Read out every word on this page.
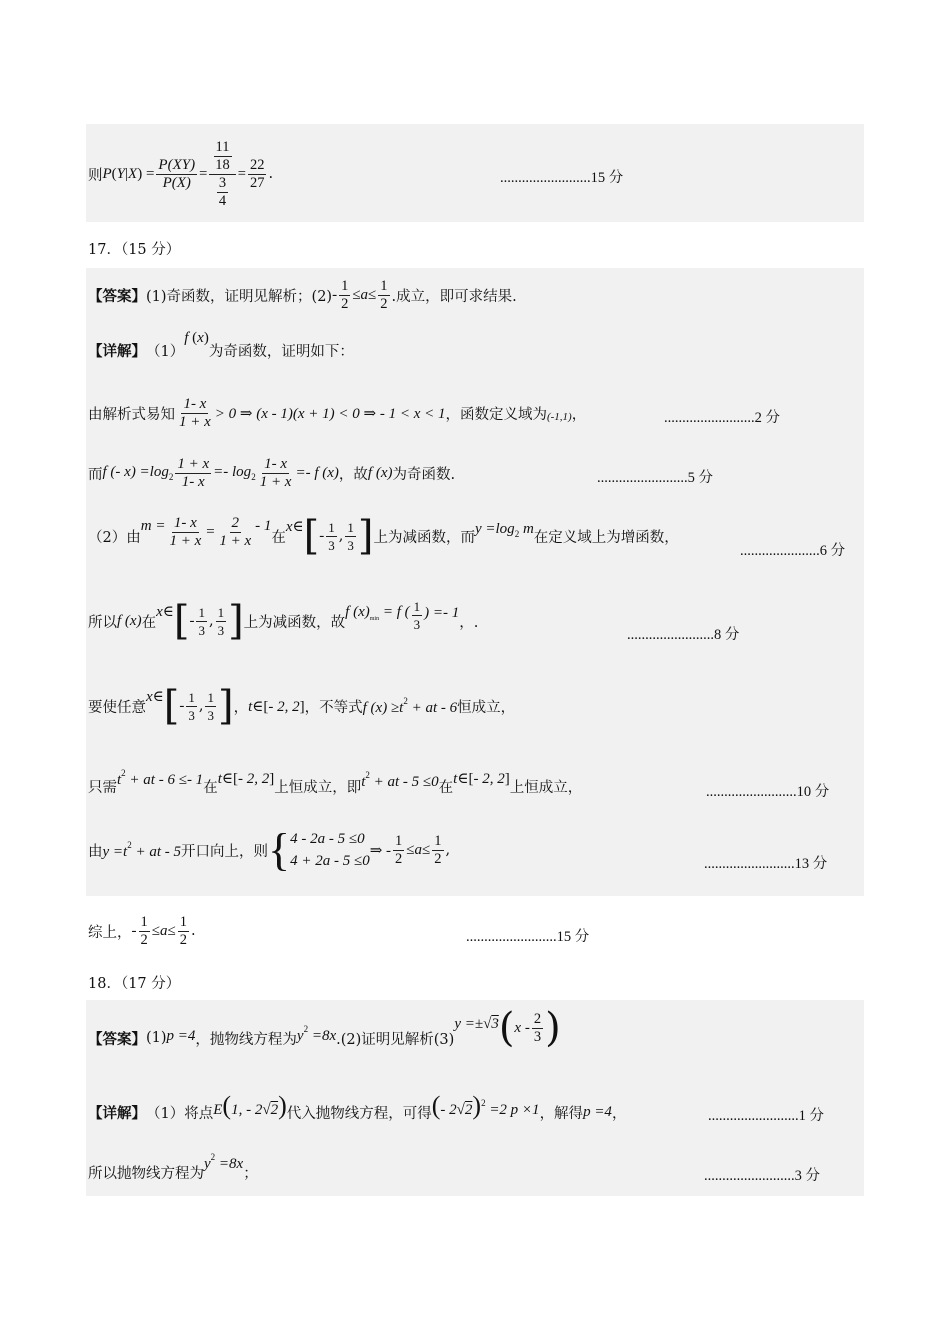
则 $P(Y|X) = \frac{P(XY)}{P(X)} = \frac{\frac{11}{18}}{\frac{3}{4}} = \frac{22}{27}$ .	.........................15 分
17．（15 分）
【答案】 (1)奇函数，证明见解析；$(2) - \frac{1}{2} \le a\le \frac{1}{2}$ .成立，即可求结果.
【详解】 （1）
f (x)
为奇函数，证明如下：
由解析式易知 $\frac{1- x}{1 + x} > 0$ ⇒ (x - 1)(x + 1) < 0 ⇒ - 1 < x < 1 ，函数定义域为 (-1,1) ，	.........................2 分
而 f (- $x) =\log_2 \frac{1 + x}{1- x} =- \log_2 \frac{1- x}{1 + x} =- f$ (x) ，故 f (x) 为奇函数.	.........................5 分
（2）由
$m = \frac{1- x}{1 + x} = \frac{2}{1 + x} - 1$
在
x∈ [ - $\frac{1}{3}$ , $\frac{1}{3}$ ] 上为减函数，而
$y =\log_2$ m
在定义域上为增函数，
......................6 分
所以 f (x) 在
x∈ [ - $\frac{1}{3}$ , $\frac{1}{3}$ ] 上为减函数，故
f $(x)_{min} = f$ ( $\frac{1}{3}$ ) =- 1
，.
........................8 分
要使任意
x∈ [ - $\frac{1}{3}$ , $\frac{1}{3}$ ] ， t∈[- 2, 2] ，不等式 f $(x) \ge t^2$ + at - 6 恒成立，
只需 $t^2$ + at - 6 ≤- 1 在
t∈[- 2, 2]
上恒成立，即 $t^2$ + at - 5 ≤0 在
t∈[- 2, 2]
上恒成立，	.........................10 分
由 $y =t^2$ + at - 5 开口向上，则 { 4 - 2a - 5 ≤0
4 + 2a - 5 ≤0
⇒ - $\frac{1}{2} \le a\le \frac{1}{2}$ ,
.........................13 分
综上， - $\frac{1}{2} \le a\le \frac{1}{2}$ .	.........................15 分
18．（17 分）
【答案】 (1) p =4 ，抛物线方程为 $y^2 =8x$ .(2)证明见解析(3)
y =±√3 ( x - $\frac{2}{3}$ )
【详解】 （1）将点 E(1, - 2√2) 代入抛物线方程，可得 (- 2√2)$^2$ =2 p ×1 ，解得 p =4 ，	.........................1 分
所以抛物线方程为
$y^2 =8x$
；	.........................3 分
